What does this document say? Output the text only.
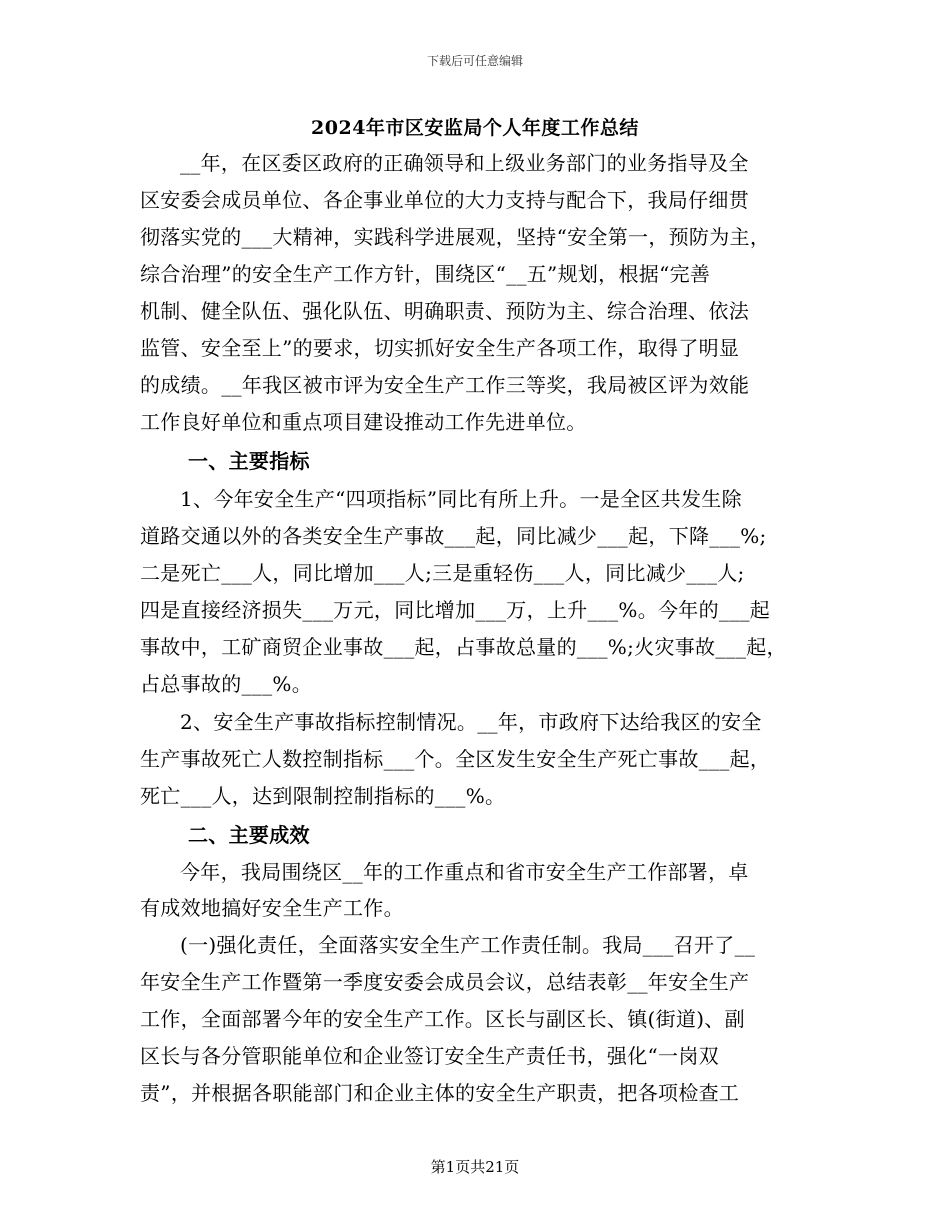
下载后可任意编辑
2024年市区安监局个人年度工作总结
__年，在区委区政府的正确领导和上级业务部门的业务指导及全
区安委会成员单位、各企事业单位的大力支持与配合下，我局仔细贯
彻落实党的___大精神，实践科学进展观，坚持“安全第一，预防为主，
综合治理”的安全生产工作方针，围绕区“__五”规划，根据“完善
机制、健全队伍、强化队伍、明确职责、预防为主、综合治理、依法
监管、安全至上”的要求，切实抓好安全生产各项工作，取得了明显
的成绩。__年我区被市评为安全生产工作三等奖，我局被区评为效能
工作良好单位和重点项目建设推动工作先进单位。
一、主要指标
1、今年安全生产“四项指标”同比有所上升。一是全区共发生除
道路交通以外的各类安全生产事故___起，同比减少___起，下降___%;
二是死亡___人，同比增加___人;三是重轻伤___人，同比减少___人;
四是直接经济损失___万元，同比增加___万，上升___%。今年的___起
事故中，工矿商贸企业事故___起，占事故总量的___%;火灾事故___起，
占总事故的___%。
2、安全生产事故指标控制情况。__年，市政府下达给我区的安全
生产事故死亡人数控制指标___个。全区发生安全生产死亡事故___起，
死亡___人，达到限制控制指标的___%。
二、主要成效
今年，我局围绕区__年的工作重点和省市安全生产工作部署，卓
有成效地搞好安全生产工作。
(一)强化责任，全面落实安全生产工作责任制。我局___召开了__
年安全生产工作暨第一季度安委会成员会议，总结表彰__年安全生产
工作，全面部署今年的安全生产工作。区长与副区长、镇(街道)、副
区长与各分管职能单位和企业签订安全生产责任书，强化“一岗双
责”，并根据各职能部门和企业主体的安全生产职责，把各项检查工
第1页共21页
